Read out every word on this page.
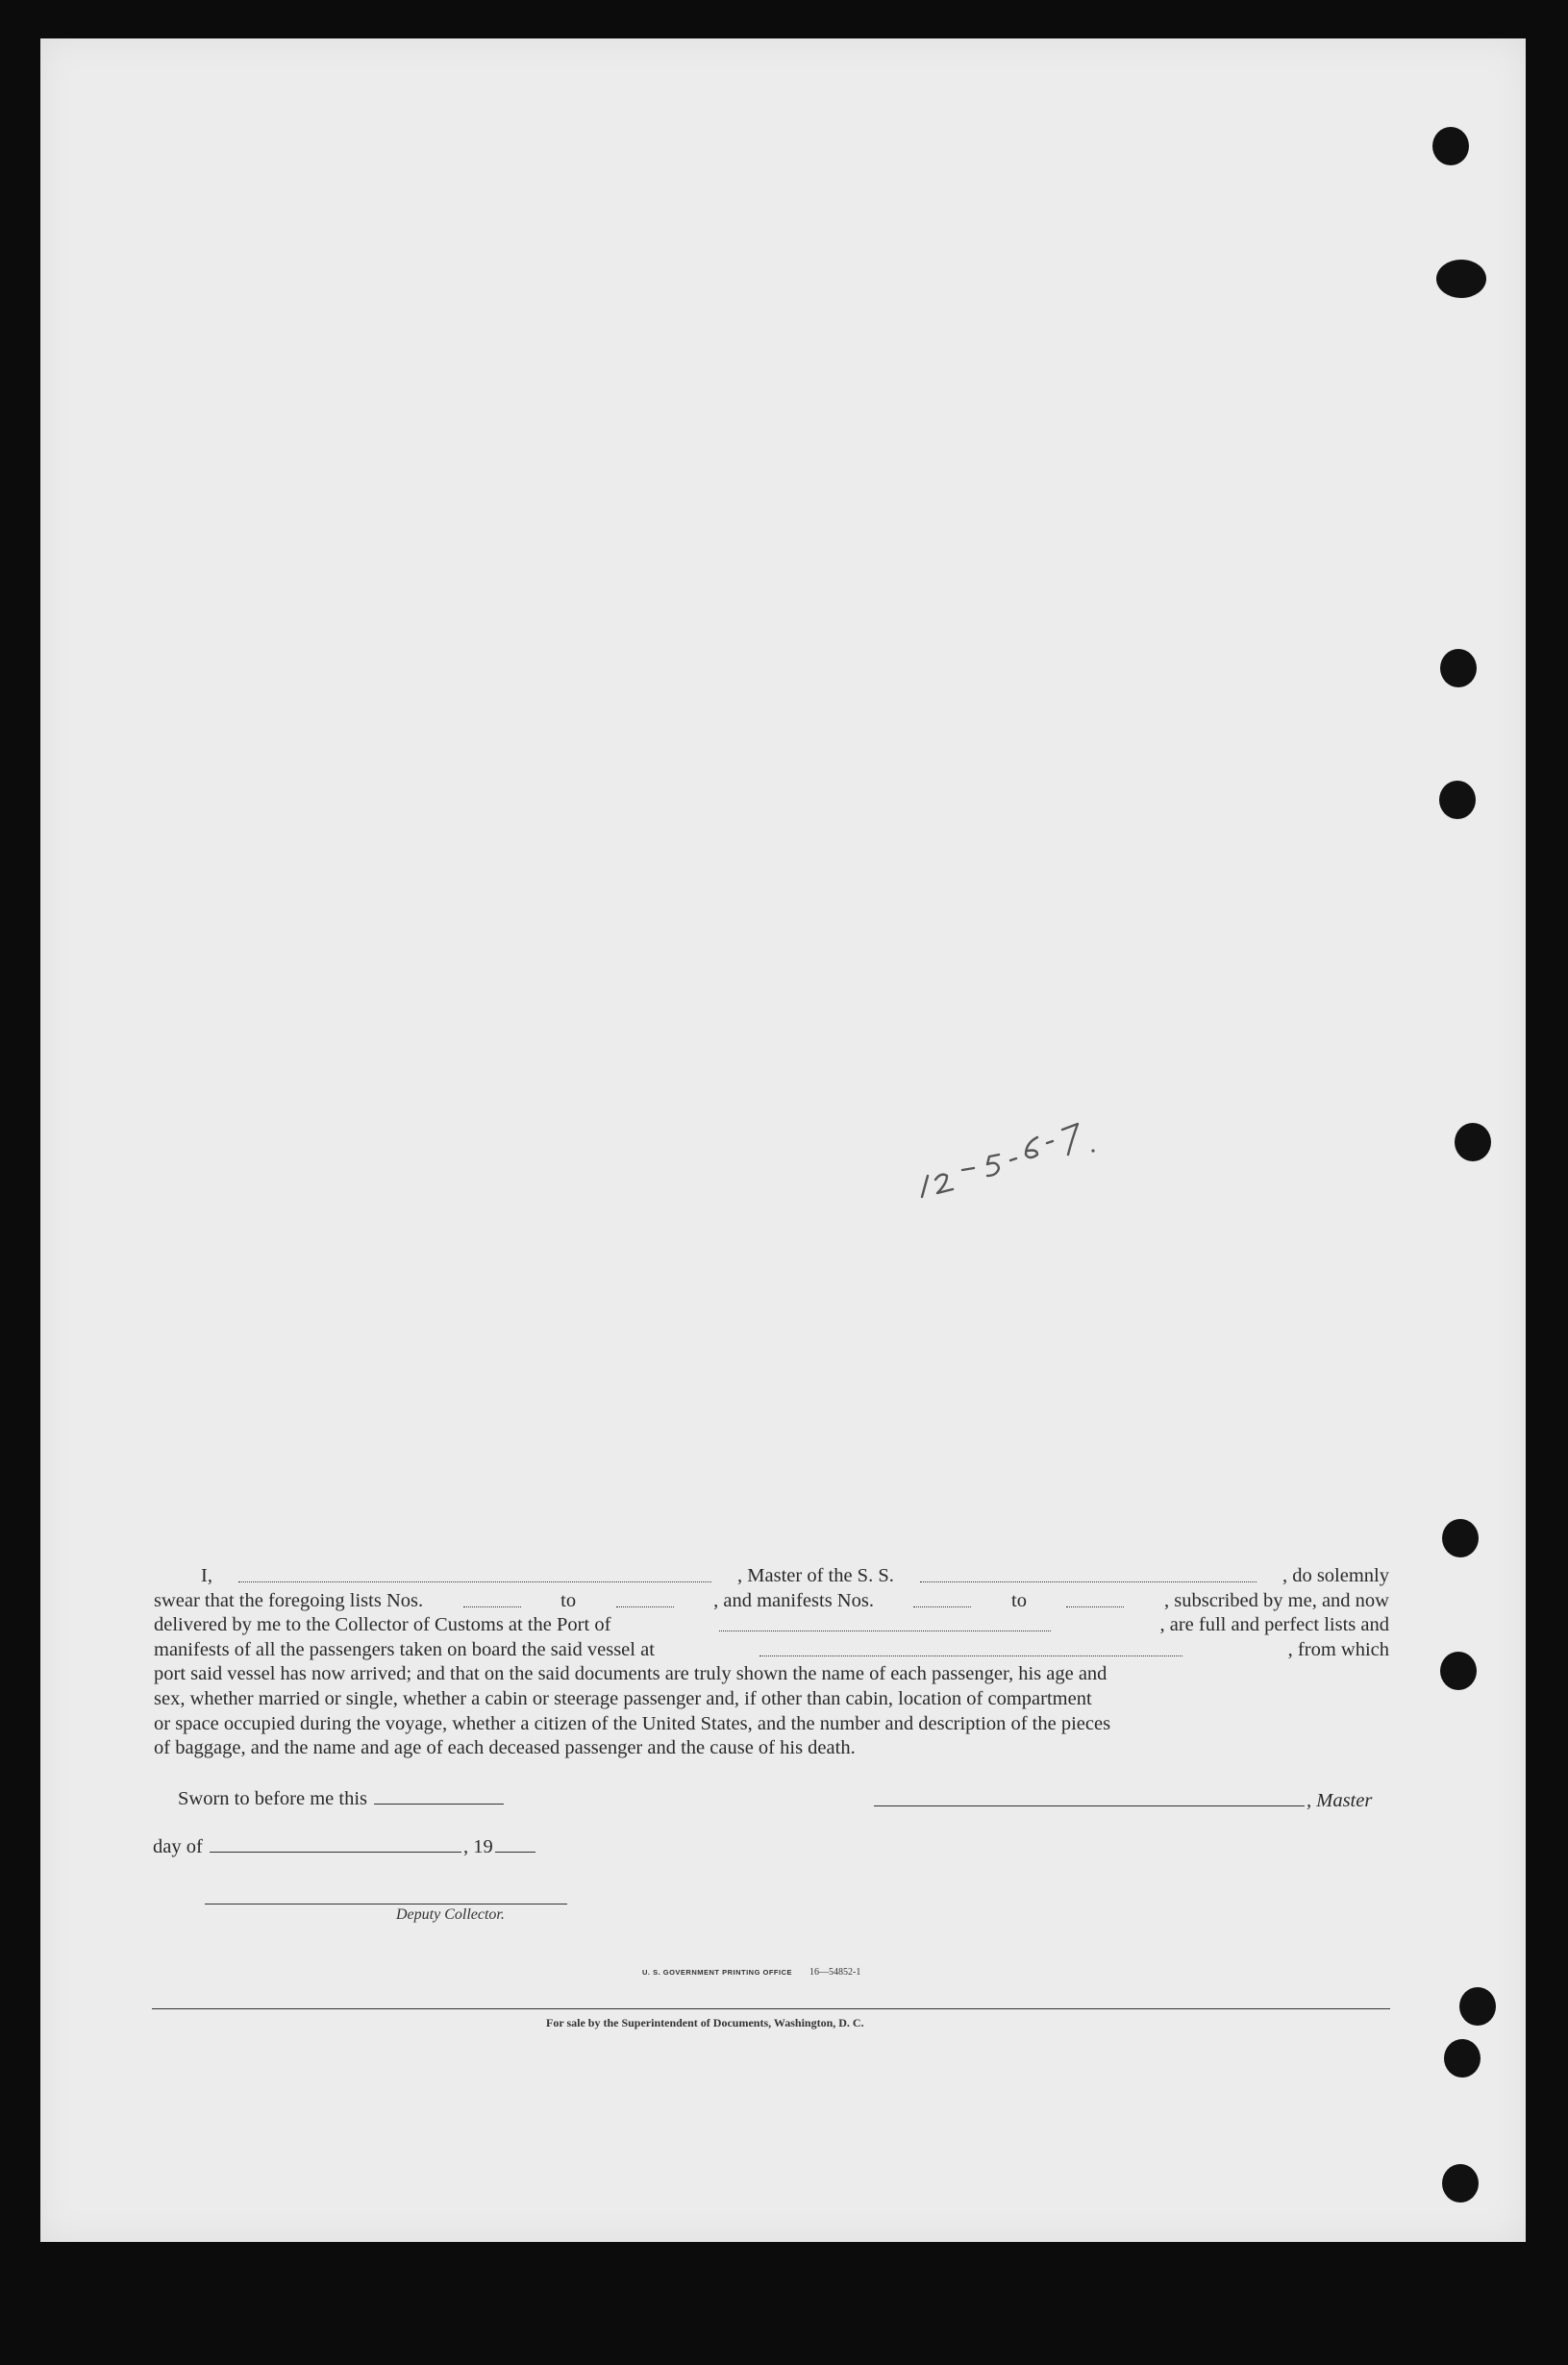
I,	, Master of the S. S.	, do solemnly
swear that the foregoing lists Nos.	to	, and manifests Nos.	to	, subscribed by me, and now
delivered by me to the Collector of Customs at the Port of	, are full and perfect lists and
manifests of all the passengers taken on board the said vessel at	, from which
port said vessel has now arrived; and that on the said documents are truly shown the name of each passenger, his age and
sex, whether married or single, whether a cabin or steerage passenger and, if other than cabin, location of compartment
or space occupied during the voyage, whether a citizen of the United States, and the number and description of the pieces
of baggage, and the name and age of each deceased passenger and the cause of his death.
Sworn to before me this	, Master
day of	, 19
Deputy Collector.
U. S. GOVERNMENT PRINTING OFFICE 16—54852-1
For sale by the Superintendent of Documents, Washington, D. C.
